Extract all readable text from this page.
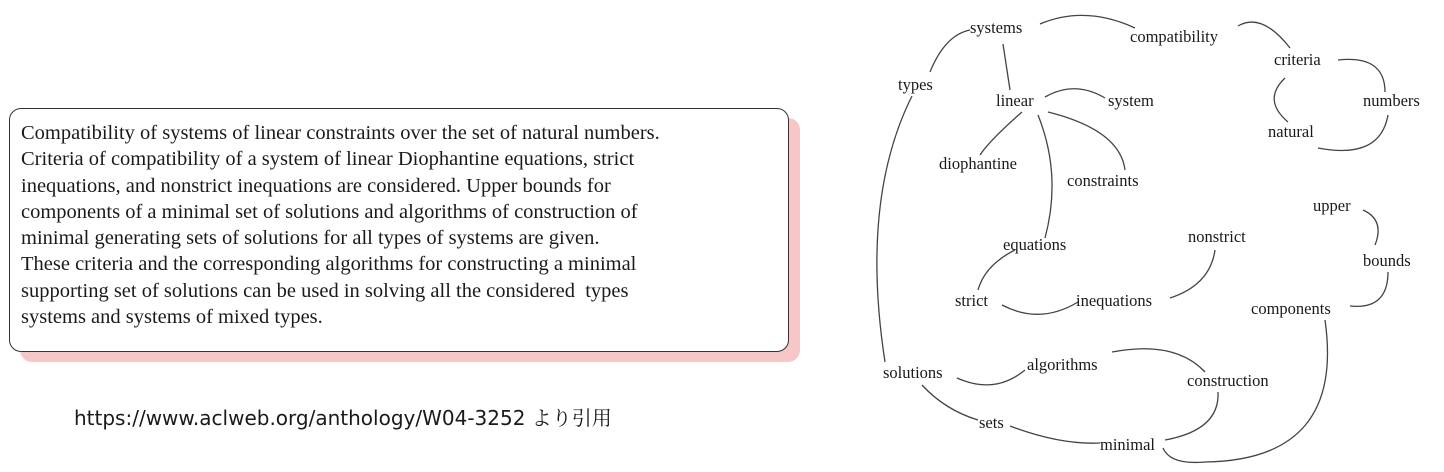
Compatibility of systems of linear constraints over the set of natural numbers.
Criteria of compatibility of a system of linear Diophantine equations, strict
inequations, and nonstrict inequations are considered. Upper bounds for
components of a minimal set of solutions and algorithms of construction of
minimal generating sets of solutions for all types of systems are given.
These criteria and the corresponding algorithms for constructing a minimal
supporting set of solutions can be used in solving all the considered  types
systems and systems of mixed types.
https://www.aclweb.org/anthology/W04-3252 より引用
systems	compatibility
criteria
types
linear	system	numbers
natural
diophantine
constraints
upper
nonstrict
equations
bounds
strict	inequations	components
algorithms
solutions	construction
sets
minimal
